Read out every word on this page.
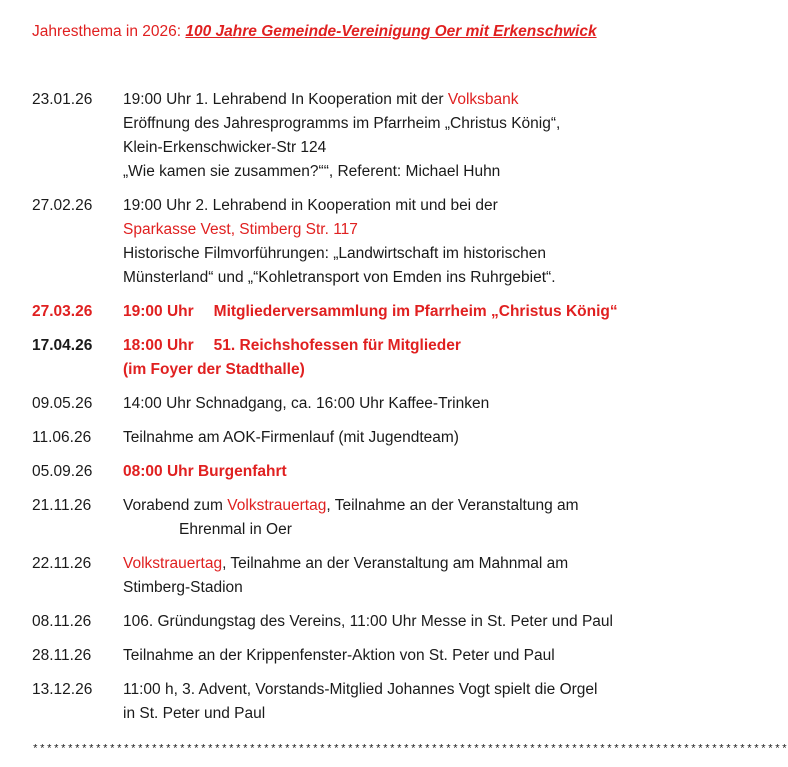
Jahresthema in 2026: 100 Jahre Gemeinde-Vereinigung Oer mit Erkenschwick
23.01.26	19:00 Uhr 1. Lehrabend In Kooperation mit der Volksbank
Eröffnung des Jahresprogramms im Pfarrheim „Christus König“,
Klein-Erkenschwicker-Str 124
„Wie kamen sie zusammen?““, Referent: Michael Huhn
27.02.26	19:00 Uhr 2. Lehrabend in Kooperation mit und bei der
Sparkasse Vest, Stimberg Str. 117
Historische Filmvorführungen: „Landwirtschaft im historischen
Münsterland“ und „“Kohletransport von Emden ins Ruhrgebiet“.
27.03.26	19:00 Uhr Mitgliederversammlung im Pfarrheim „Christus König“
17.04.26	18:00 Uhr 51. Reichshofessen für Mitglieder
(im Foyer der Stadthalle)
09.05.26	14:00 Uhr Schnadgang, ca. 16:00 Uhr Kaffee-Trinken
11.06.26	Teilnahme am AOK-Firmenlauf (mit Jugendteam)
05.09.26	08:00 Uhr Burgenfahrt
21.11.26	Vorabend zum Volkstrauertag, Teilnahme an der Veranstaltung am
Ehrenmal in Oer
22.11.26	Volkstrauertag, Teilnahme an der Veranstaltung am Mahnmal am
Stimberg-Stadion
08.11.26	106. Gründungstag des Vereins, 11:00 Uhr Messe in St. Peter und Paul
28.11.26	Teilnahme an der Krippenfenster-Aktion von St. Peter und Paul
13.12.26	11:00 h, 3. Advent, Vorstands-Mitglied Johannes Vogt spielt die Orgel
in St. Peter und Paul
************************************************************************************************************
